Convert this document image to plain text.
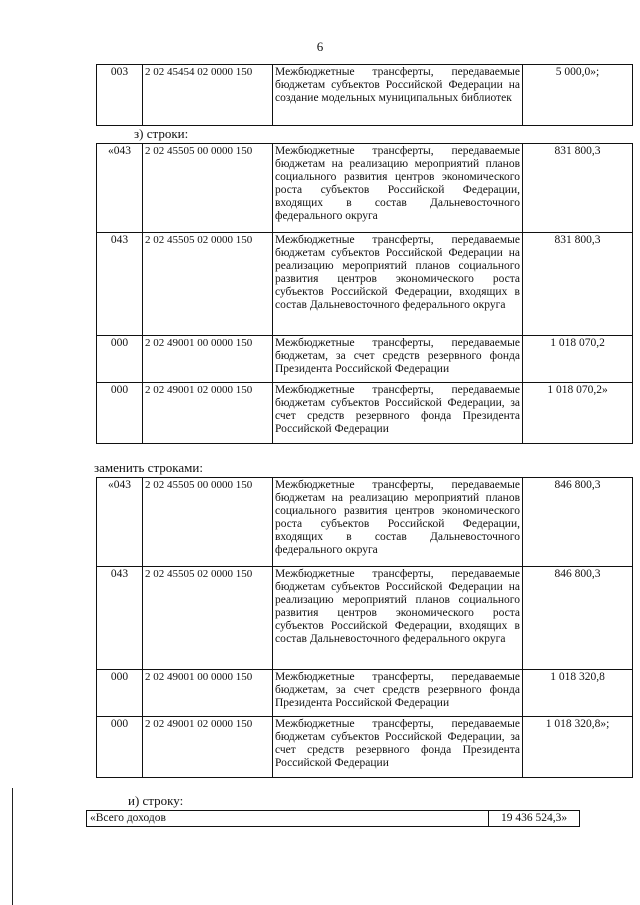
6
003	2 02 45454 02 0000 150	Межбюджетные трансферты, передаваемые бюджетам субъектов Российской Федерации на создание модельных муниципальных библиотек	5 000,0»;
з) строки:
«043	2 02 45505 00 0000 150	Межбюджетные трансферты, передаваемые бюджетам на реализацию мероприятий планов социального развития центров экономического роста субъектов Российской Федерации, входящих в состав Дальневосточного федерального округа	831 800,3
043	2 02 45505 02 0000 150	Межбюджетные трансферты, передаваемые бюджетам субъектов Российской Федерации на реализацию мероприятий планов социального развития центров экономического роста субъектов Российской Федерации, входящих в состав Дальневосточного федерального округа	831 800,3
000	2 02 49001 00 0000 150	Межбюджетные трансферты, передаваемые бюджетам, за счет средств резервного фонда Президента Российской Федерации	1 018 070,2
000	2 02 49001 02 0000 150	Межбюджетные трансферты, передаваемые бюджетам субъектов Российской Федерации, за счет средств резервного фонда Президента Российской Федерации	1 018 070,2»
заменить строками:
«043	2 02 45505 00 0000 150	Межбюджетные трансферты, передаваемые бюджетам на реализацию мероприятий планов социального развития центров экономического роста субъектов Российской Федерации, входящих в состав Дальневосточного федерального округа	846 800,3
043	2 02 45505 02 0000 150	Межбюджетные трансферты, передаваемые бюджетам субъектов Российской Федерации на реализацию мероприятий планов социального развития центров экономического роста субъектов Российской Федерации, входящих в состав Дальневосточного федерального округа	846 800,3
000	2 02 49001 00 0000 150	Межбюджетные трансферты, передаваемые бюджетам, за счет средств резервного фонда Президента Российской Федерации	1 018 320,8
000	2 02 49001 02 0000 150	Межбюджетные трансферты, передаваемые бюджетам субъектов Российской Федерации, за счет средств резервного фонда Президента Российской Федерации	1 018 320,8»;
и) строку:
«Всего доходов	19 436 524,3»
